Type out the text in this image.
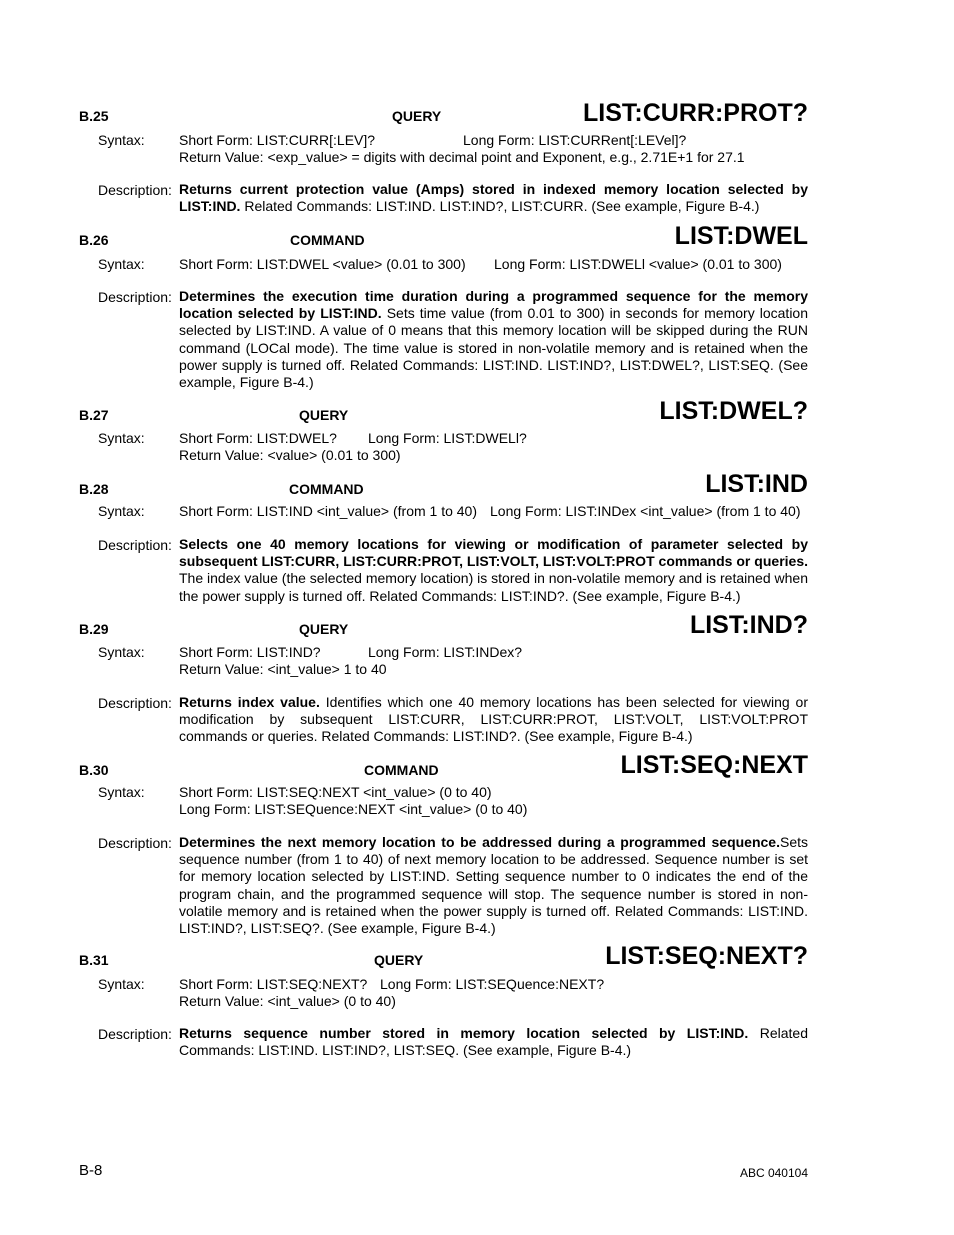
B.25	QUERY	LIST:CURR:PROT?
Syntax: Short Form: LIST:CURR[:LEV]?	Long Form: LIST:CURRent[:LEVel]?
Return Value: <exp_value> = digits with decimal point and Exponent, e.g., 2.71E+1 for 27.1
Description: Returns current protection value (Amps) stored in indexed memory location selected by LIST:IND. Related Commands: LIST:IND. LIST:IND?, LIST:CURR. (See example, Figure B-4.)
B.26	COMMAND	LIST:DWEL
Syntax: Short Form: LIST:DWEL <value> (0.01 to 300) Long Form: LIST:DWELl <value> (0.01 to 300)
Description: Determines the execution time duration during a programmed sequence for the memory location selected by LIST:IND. Sets time value (from 0.01 to 300) in seconds for memory location selected by LIST:IND. A value of 0 means that this memory location will be skipped during the RUN command (LOCal mode). The time value is stored in non-volatile memory and is retained when the power supply is turned off. Related Commands: LIST:IND. LIST:IND?, LIST:DWEL?, LIST:SEQ. (See example, Figure B-4.)
B.27	QUERY	LIST:DWEL?
Syntax: Short Form: LIST:DWEL? Long Form: LIST:DWELl?
Return Value: <value> (0.01 to 300)
B.28	COMMAND	LIST:IND
Syntax: Short Form: LIST:IND <int_value> (from 1 to 40) Long Form: LIST:INDex <int_value> (from 1 to 40)
Description: Selects one 40 memory locations for viewing or modification of parameter selected by subsequent LIST:CURR, LIST:CURR:PROT, LIST:VOLT, LIST:VOLT:PROT commands or queries. The index value (the selected memory location) is stored in non-volatile memory and is retained when the power supply is turned off. Related Commands: LIST:IND?. (See example, Figure B-4.)
B.29	QUERY	LIST:IND?
Syntax: Short Form: LIST:IND?	Long Form: LIST:INDex?
Return Value: <int_value> 1 to 40
Description: Returns index value. Identifies which one 40 memory locations has been selected for viewing or modification by subsequent LIST:CURR, LIST:CURR:PROT, LIST:VOLT, LIST:VOLT:PROT commands or queries. Related Commands: LIST:IND?. (See example, Figure B-4.)
B.30	COMMAND	LIST:SEQ:NEXT
Syntax: Short Form: LIST:SEQ:NEXT <int_value> (0 to 40)
Long Form: LIST:SEQuence:NEXT <int_value> (0 to 40)
Description: Determines the next memory location to be addressed during a programmed sequence.Sets sequence number (from 1 to 40) of next memory location to be addressed. Sequence number is set for memory location selected by LIST:IND. Setting sequence number to 0 indicates the end of the program chain, and the programmed sequence will stop. The sequence number is stored in non-volatile memory and is retained when the power supply is turned off. Related Commands: LIST:IND. LIST:IND?, LIST:SEQ?. (See example, Figure B-4.)
B.31	QUERY	LIST:SEQ:NEXT?
Syntax: Short Form: LIST:SEQ:NEXT? Long Form: LIST:SEQuence:NEXT?
Return Value: <int_value> (0 to 40)
Description: Returns sequence number stored in memory location selected by LIST:IND. Related Commands: LIST:IND. LIST:IND?, LIST:SEQ. (See example, Figure B-4.)
B-8	ABC 040104
